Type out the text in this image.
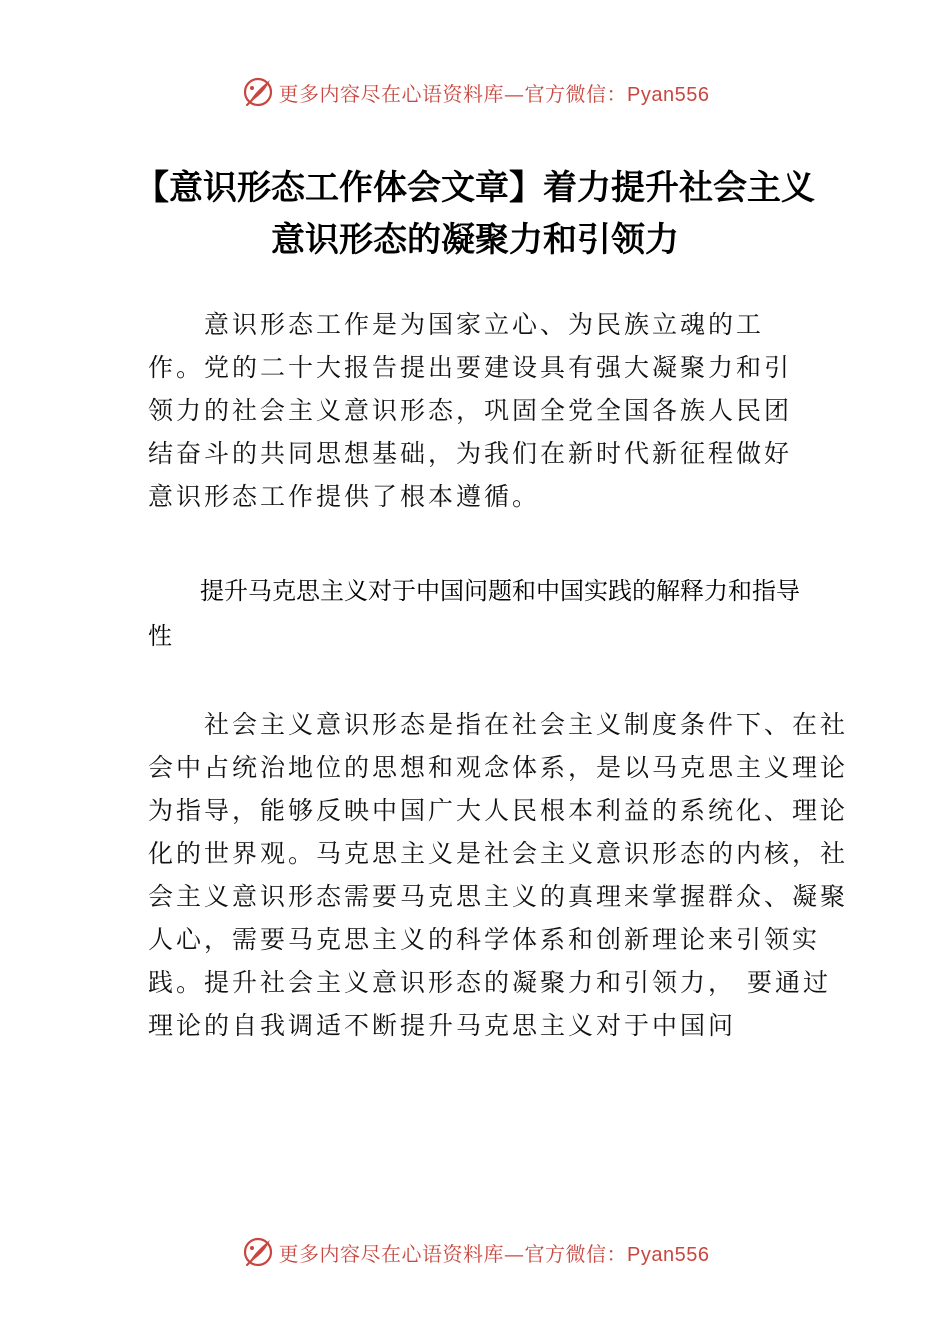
更多内容尽在心语资料库—官方微信：Pyan556
【意识形态工作体会文章】着力提升社会主义意识形态的凝聚力和引领力
意识形态工作是为国家立心、为民族立魂的工作。党的二十大报告提出要建设具有强大凝聚力和引领力的社会主义意识形态，巩固全党全国各族人民团结奋斗的共同思想基础，为我们在新时代新征程做好意识形态工作提供了根本遵循。
提升马克思主义对于中国问题和中国实践的解释力和指导性
社会主义意识形态是指在社会主义制度条件下、在社会中占统治地位的思想和观念体系，是以马克思主义理论为指导，能够反映中国广大人民根本利益的系统化、理论化的世界观。马克思主义是社会主义意识形态的内核，社会主义意识形态需要马克思主义的真理来掌握群众、凝聚人心，需要马克思主义的科学体系和创新理论来引领实践。提升社会主义意识形态的凝聚力和引领力， 要通过理论的自我调适不断提升马克思主义对于中国问
更多内容尽在心语资料库—官方微信：Pyan556
